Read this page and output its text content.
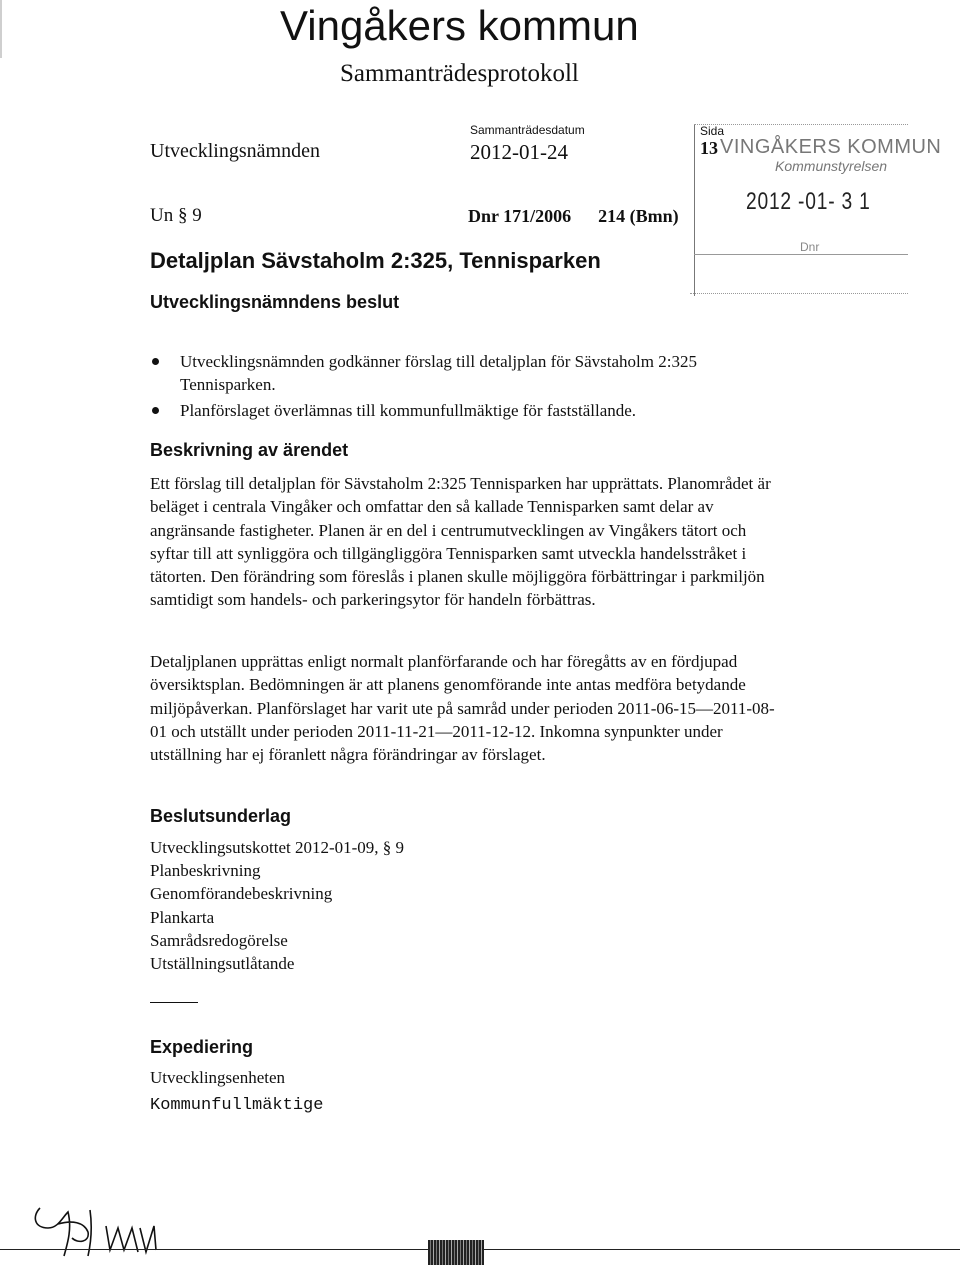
Vingåkers kommun
Sammanträdesprotokoll
Utvecklingsnämnden
Sammanträdesdatum
2012-01-24
Sida
13 VINGÅKERS KOMMUN
Kommunstyrelsen
2012 -01- 3 1
Dnr
Un § 9	Dnr 171/2006      214 (Bmn)
Detaljplan Sävstaholm 2:325, Tennisparken
Utvecklingsnämndens beslut
Utvecklingsnämnden godkänner förslag till detaljplan för Sävstaholm 2:325 Tennisparken.
Planförslaget överlämnas till kommunfullmäktige för fastställande.
Beskrivning av ärendet

Ett förslag till detaljplan för Sävstaholm 2:325 Tennisparken har upprättats. Planområdet är beläget i centrala Vingåker och omfattar den så kallade Tennisparken samt delar av angränsande fastigheter. Planen är en del i centrumutvecklingen av Vingåkers tätort och syftar till att synliggöra och tillgängliggöra Tennisparken samt utveckla handelsstråket i tätorten. Den förändring som föreslås i planen skulle möjliggöra förbättringar i parkmiljön samtidigt som handels- och parkeringsytor för handeln förbättras.

Detaljplanen upprättas enligt normalt planförfarande och har föregåtts av en fördjupad översiktsplan. Bedömningen är att planens genomförande inte antas medföra betydande miljöpåverkan. Planförslaget har varit ute på samråd under perioden 2011-06-15—2011-08-01 och utställt under perioden 2011-11-21—2011-12-12. Inkomna synpunkter under utställning har ej föranlett några förändringar av förslaget.

Beslutsunderlag
Utvecklingsutskottet 2012-01-09, § 9
Planbeskrivning
Genomförandebeskrivning
Plankarta
Samrådsredogörelse
Utställningsutlåtande
Expediering
Utvecklingsenheten
Kommunfullmäktige
